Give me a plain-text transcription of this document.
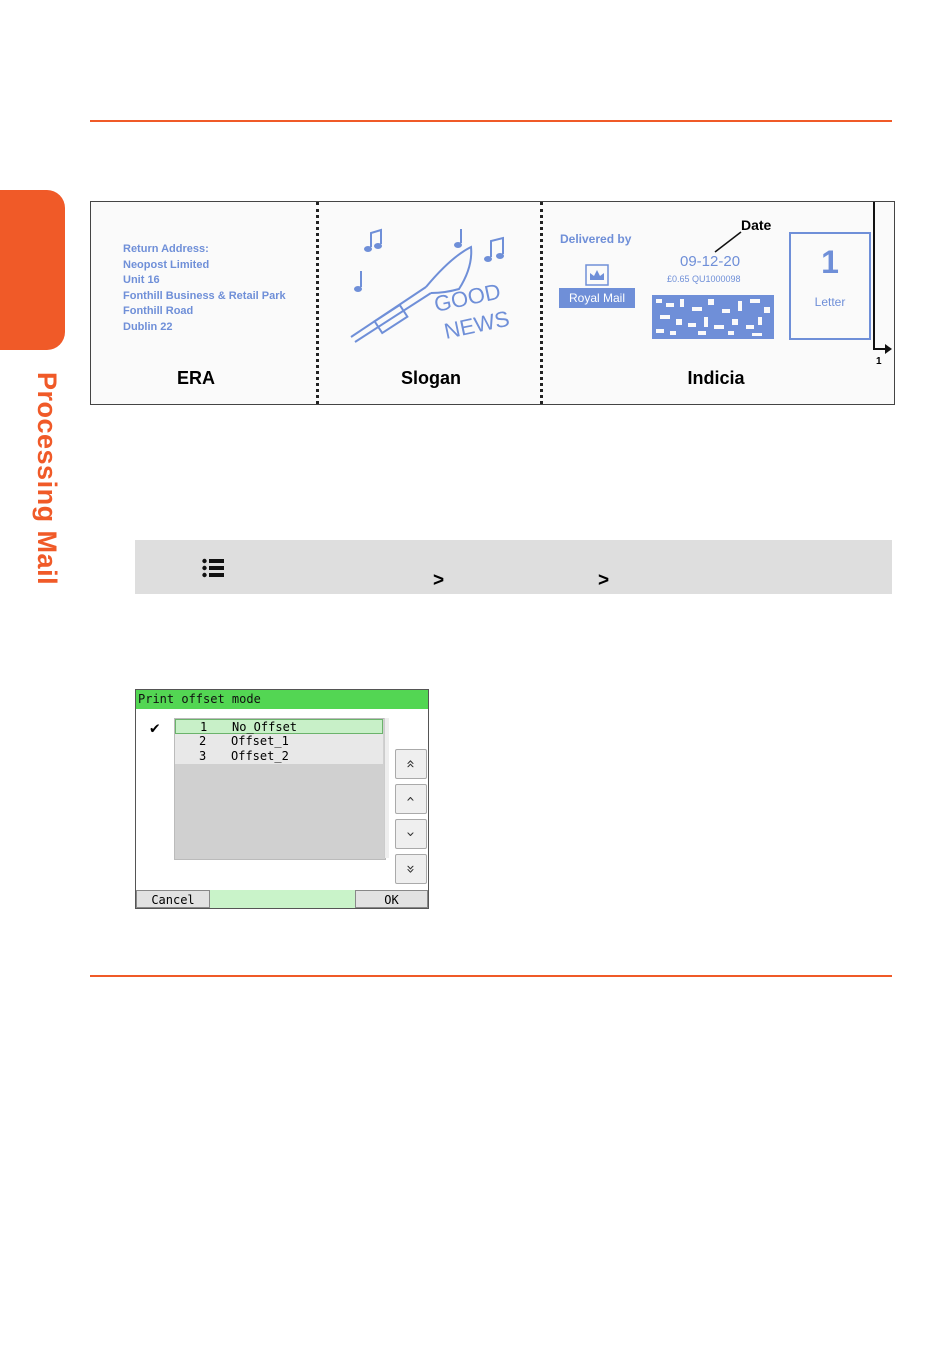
Processing Mail
Return Address:
Neopost Limited
Unit 16
Fonthill Business & Retail Park
Fonthill Road
Dublin 22
GOOD
NEWS
Delivered by
Royal Mail
09-12-20
£0.65 QU1000098
Date
1
Letter
1
ERA	Slogan	Indicia
>	>
Print offset mode
✔	1 No_Offset
2 Offset_1
3 Offset_2
«
‹
›
»
Cancel	OK
